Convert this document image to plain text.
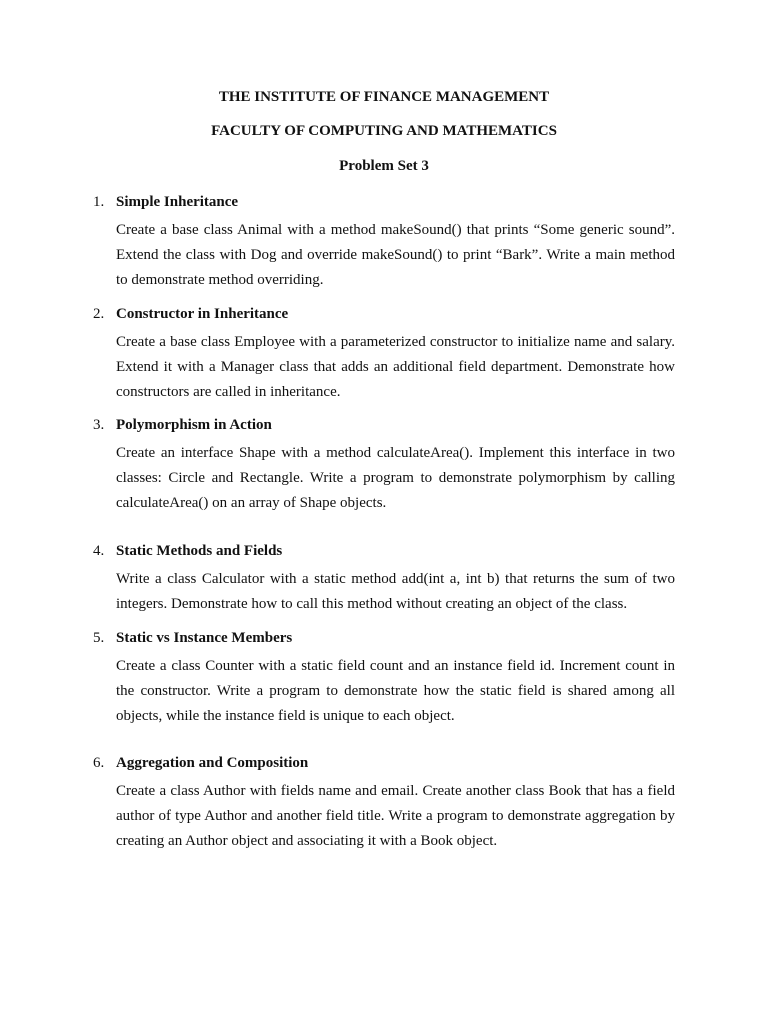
THE INSTITUTE OF FINANCE MANAGEMENT
FACULTY OF COMPUTING AND MATHEMATICS
Problem Set 3
1. Simple Inheritance

Create a base class Animal with a method makeSound() that prints “Some generic sound”. Extend the class with Dog and override makeSound() to print “Bark”. Write a main method to demonstrate method overriding.

2. Constructor in Inheritance

Create a base class Employee with a parameterized constructor to initialize name and salary. Extend it with a Manager class that adds an additional field department. Demonstrate how constructors are called in inheritance.

3. Polymorphism in Action

Create an interface Shape with a method calculateArea(). Implement this interface in two classes: Circle and Rectangle. Write a program to demonstrate polymorphism by calling calculateArea() on an array of Shape objects.

4. Static Methods and Fields

Write a class Calculator with a static method add(int a, int b) that returns the sum of two integers. Demonstrate how to call this method without creating an object of the class.

5. Static vs Instance Members

Create a class Counter with a static field count and an instance field id. Increment count in the constructor. Write a program to demonstrate how the static field is shared among all objects, while the instance field is unique to each object.

6. Aggregation and Composition

Create a class Author with fields name and email. Create another class Book that has a field author of type Author and another field title. Write a program to demonstrate aggregation by creating an Author object and associating it with a Book object.
